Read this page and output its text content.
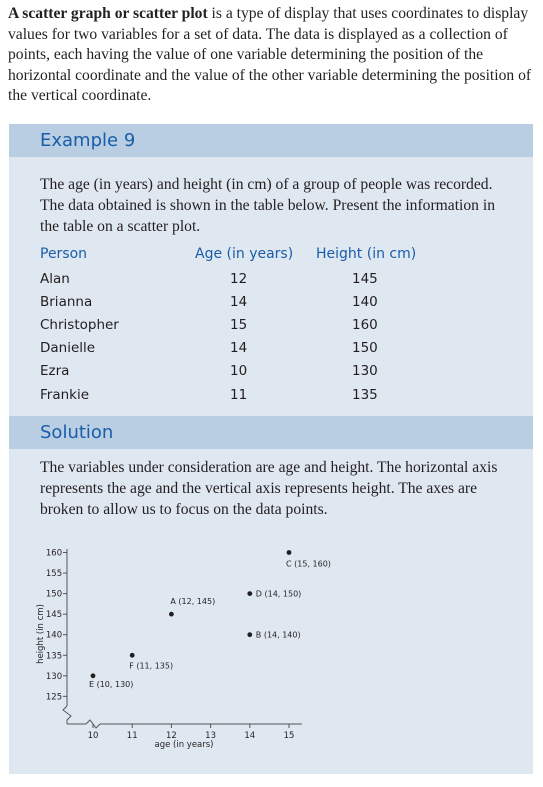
A scatter graph or scatter plot is a type of display that uses coordinates to display values for two variables for a set of data. The data is displayed as a collection of points, each having the value of one variable determining the position of the horizontal coordinate and the value of the other variable determining the position of the vertical coordinate.

Example 9

The age (in years) and height (in cm) of a group of people was recorded. The data obtained is shown in the table below. Present the information in the table on a scatter plot.

Person	Age (in years) Height (in cm)
Alan	12	145
Brianna	14	140
Christopher	15	160
Danielle	14	150
Ezra	10	130
Frankie	11	135
Solution

The variables under consideration are age and height. The horizontal axis represents the age and the vertical axis represents height. The axes are broken to allow us to focus on the data points.

125
130
135
140
145
150
155
160
10	11	12	13	14	15
A (12, 145)
B (14, 140)
C (15, 160)
D (14, 150)
E (10, 130)
F (11, 135)
age (in years)
height (in cm)
